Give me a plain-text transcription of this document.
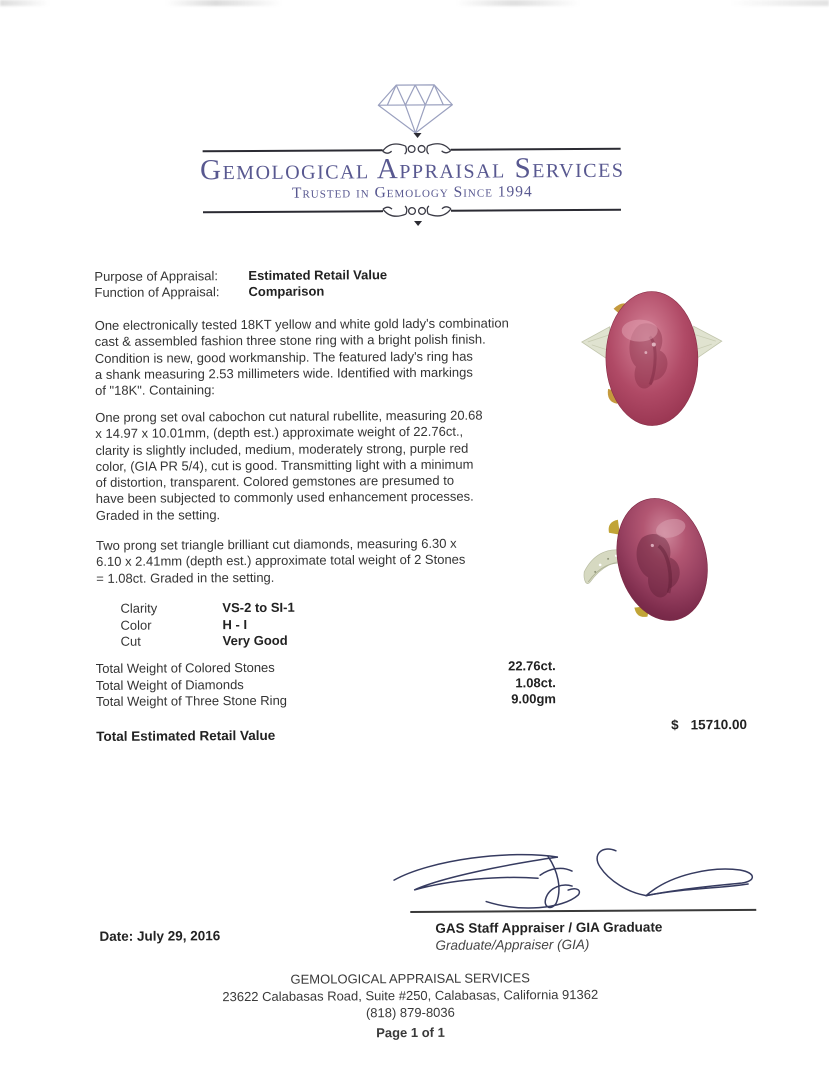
Gemological Appraisal Services
Trusted in Gemology Since 1994
Purpose of Appraisal: Estimated Retail Value
Function of Appraisal: Comparison
One electronically tested 18KT yellow and white gold lady's combination
cast & assembled fashion three stone ring with a bright polish finish.
Condition is new, good workmanship. The featured lady's ring has
a shank measuring 2.53 millimeters wide. Identified with markings
of "18K". Containing:
One prong set oval cabochon cut natural rubellite, measuring 20.68
x 14.97 x 10.01mm, (depth est.) approximate weight of 22.76ct.,
clarity is slightly included, medium, moderately strong, purple red
color, (GIA PR 5/4), cut is good. Transmitting light with a minimum
of distortion, transparent. Colored gemstones are presumed to
have been subjected to commonly used enhancement processes.
Graded in the setting.
Two prong set triangle brilliant cut diamonds, measuring 6.30 x
6.10 x 2.41mm (depth est.) approximate total weight of 2 Stones
= 1.08ct. Graded in the setting.
Clarity	VS-2 to SI-1
Color	H - I
Cut	Very Good
Total Weight of Colored Stones	22.76ct.
Total Weight of Diamonds	1.08ct.
Total Weight of Three Stone Ring	9.00gm
Total Estimated Retail Value
$ 15710.00
GAS Staff Appraiser / GIA Graduate
Graduate/Appraiser (GIA)
Date: July 29, 2016
GEMOLOGICAL APPRAISAL SERVICES
23622 Calabasas Road, Suite #250, Calabasas, California 91362
(818) 879-8036
Page 1 of 1
